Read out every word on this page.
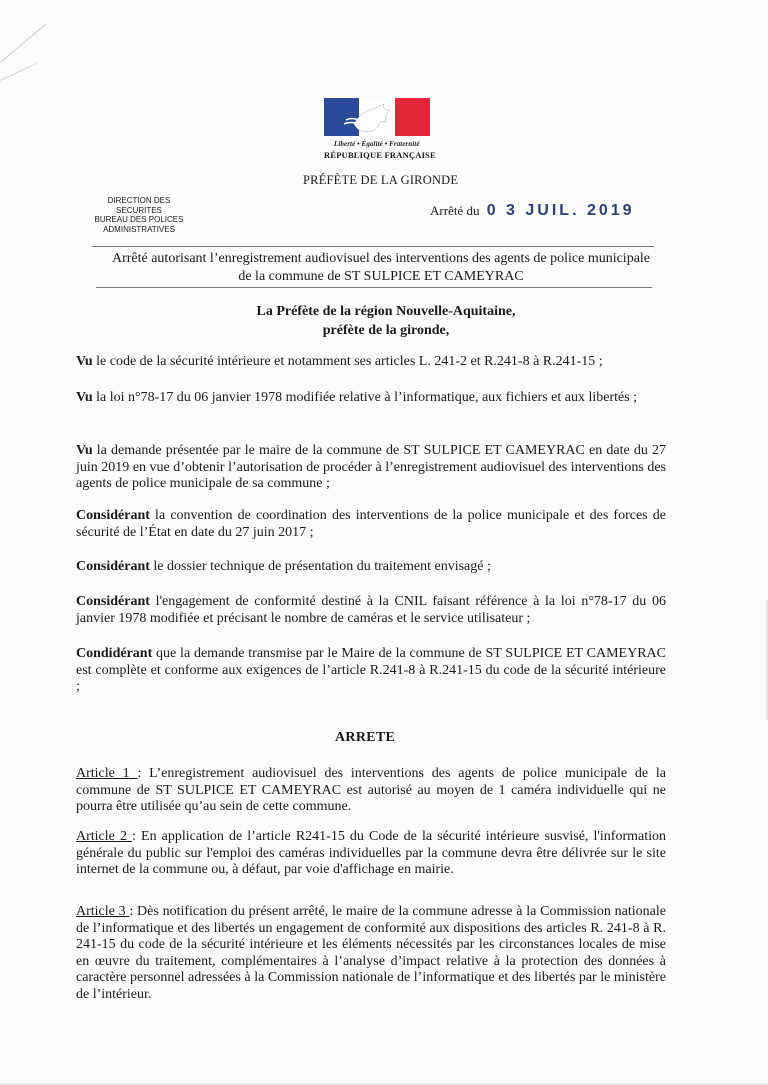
Liberté • Égalité • Fraternité
RÉPUBLIQUE FRANÇAISE
PRÉFÈTE DE LA GIRONDE
DIRECTION DES SECURITES
BUREAU DES POLICES
ADMINISTRATIVES
Arrêté du 0 3 JUIL. 2019
Arrêté autorisant l’enregistrement audiovisuel des interventions des agents de police municipale
de la commune de ST SULPICE ET CAMEYRAC
La Préfète de la région Nouvelle-Aquitaine,
préfète de la gironde,
Vu le code de la sécurité intérieure et notamment ses articles L. 241-2 et R.241-8 à R.241-15 ;
Vu la loi n°78-17 du 06 janvier 1978 modifiée relative à l’informatique, aux fichiers et aux libertés ;
Vu la demande présentée par le maire de la commune de ST SULPICE ET CAMEYRAC en date du 27 juin 2019 en vue d’obtenir l’autorisation de procéder à l’enregistrement audiovisuel des interventions des agents de police municipale de sa commune ;
Considérant la convention de coordination des interventions de la police municipale et des forces de sécurité de l’État en date du 27 juin 2017 ;
Considérant le dossier technique de présentation du traitement envisagé ;
Considérant l'engagement de conformité destiné à la CNIL faisant référence à la loi n°78-17 du 06 janvier 1978 modifiée et précisant le nombre de caméras et le service utilisateur ;
Condidérant que la demande transmise par le Maire de la commune de ST SULPICE ET CAMEYRAC est complète et conforme aux exigences de l’article R.241-8 à R.241-15 du code de la sécurité intérieure ;
ARRETE
Article 1 : L’enregistrement audiovisuel des interventions des agents de police municipale de la commune de ST SULPICE ET CAMEYRAC est autorisé au moyen de 1 caméra individuelle qui ne pourra être utilisée qu’au sein de cette commune.
Article 2 : En application de l’article R241-15 du Code de la sécurité intérieure susvisé, l'information générale du public sur l'emploi des caméras individuelles par la commune devra être délivrée sur le site internet de la commune ou, à défaut, par voie d'affichage en mairie.
Article 3 : Dès notification du présent arrêté, le maire de la commune adresse à la Commission nationale de l’informatique et des libertés un engagement de conformité aux dispositions des articles R. 241-8 à R. 241-15 du code de la sécurité intérieure et les éléments nécessités par les circonstances locales de mise en œuvre du traitement, complémentaires à l’analyse d’impact relative à la protection des données à caractère personnel adressées à la Commission nationale de l’informatique et des libertés par le ministère de l’intérieur.
